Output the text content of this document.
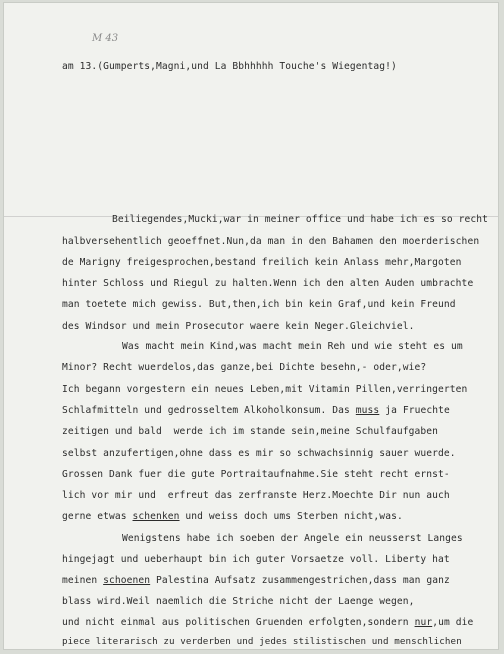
M 43
am 13.(Gumperts,Magni,und La Bbhhhhh Touche's Wiegentag!)
Beiliegendes,Mucki,war in meiner office und habe ich es so recht
halbversehentlich geoeffnet.Nun,da man in den Bahamen den moerderischen
de Marigny freigesprochen,bestand freilich kein Anlass mehr,Margoten
hinter Schloss und Riegul zu halten.Wenn ich den alten Auden umbrachte
man toetete mich gewiss. But,then,ich bin kein Graf,und kein Freund
des Windsor und mein Prosecutor waere kein Neger.Gleichviel.
Was macht mein Kind,was macht mein Reh und wie steht es um
Minor? Recht wuerdelos,das ganze,bei Dichte besehn,- oder,wie?
Ich begann vorgestern ein neues Leben,mit Vitamin Pillen,verringerten
Schlafmitteln und gedrosseltem Alkoholkonsum. Das muss ja Fruechte
zeitigen und bald  werde ich im stande sein,meine Schulfaufgaben
selbst anzufertigen,ohne dass es mir so schwachsinnig sauer wuerde.
Grossen Dank fuer die gute Portraitaufnahme.Sie steht recht ernst-
lich vor mir und  erfreut das zerfranste Herz.Moechte Dir nun auch
gerne etwas schenken und weiss doch ums Sterben nicht,was.
Wenigstens habe ich soeben der Angele ein neusserst Langes
hingejagt und ueberhaupt bin ich guter Vorsaetze voll. Liberty hat
meinen schoenen Palestina Aufsatz zusammengestrichen,dass man ganz
blass wird.Weil naemlich die Striche nicht der Laenge wegen,
und nicht einmal aus politischen Gruenden erfolgten,sondern nur,um die
piece literarisch zu verderben und jedes stilistischen und menschlichen
